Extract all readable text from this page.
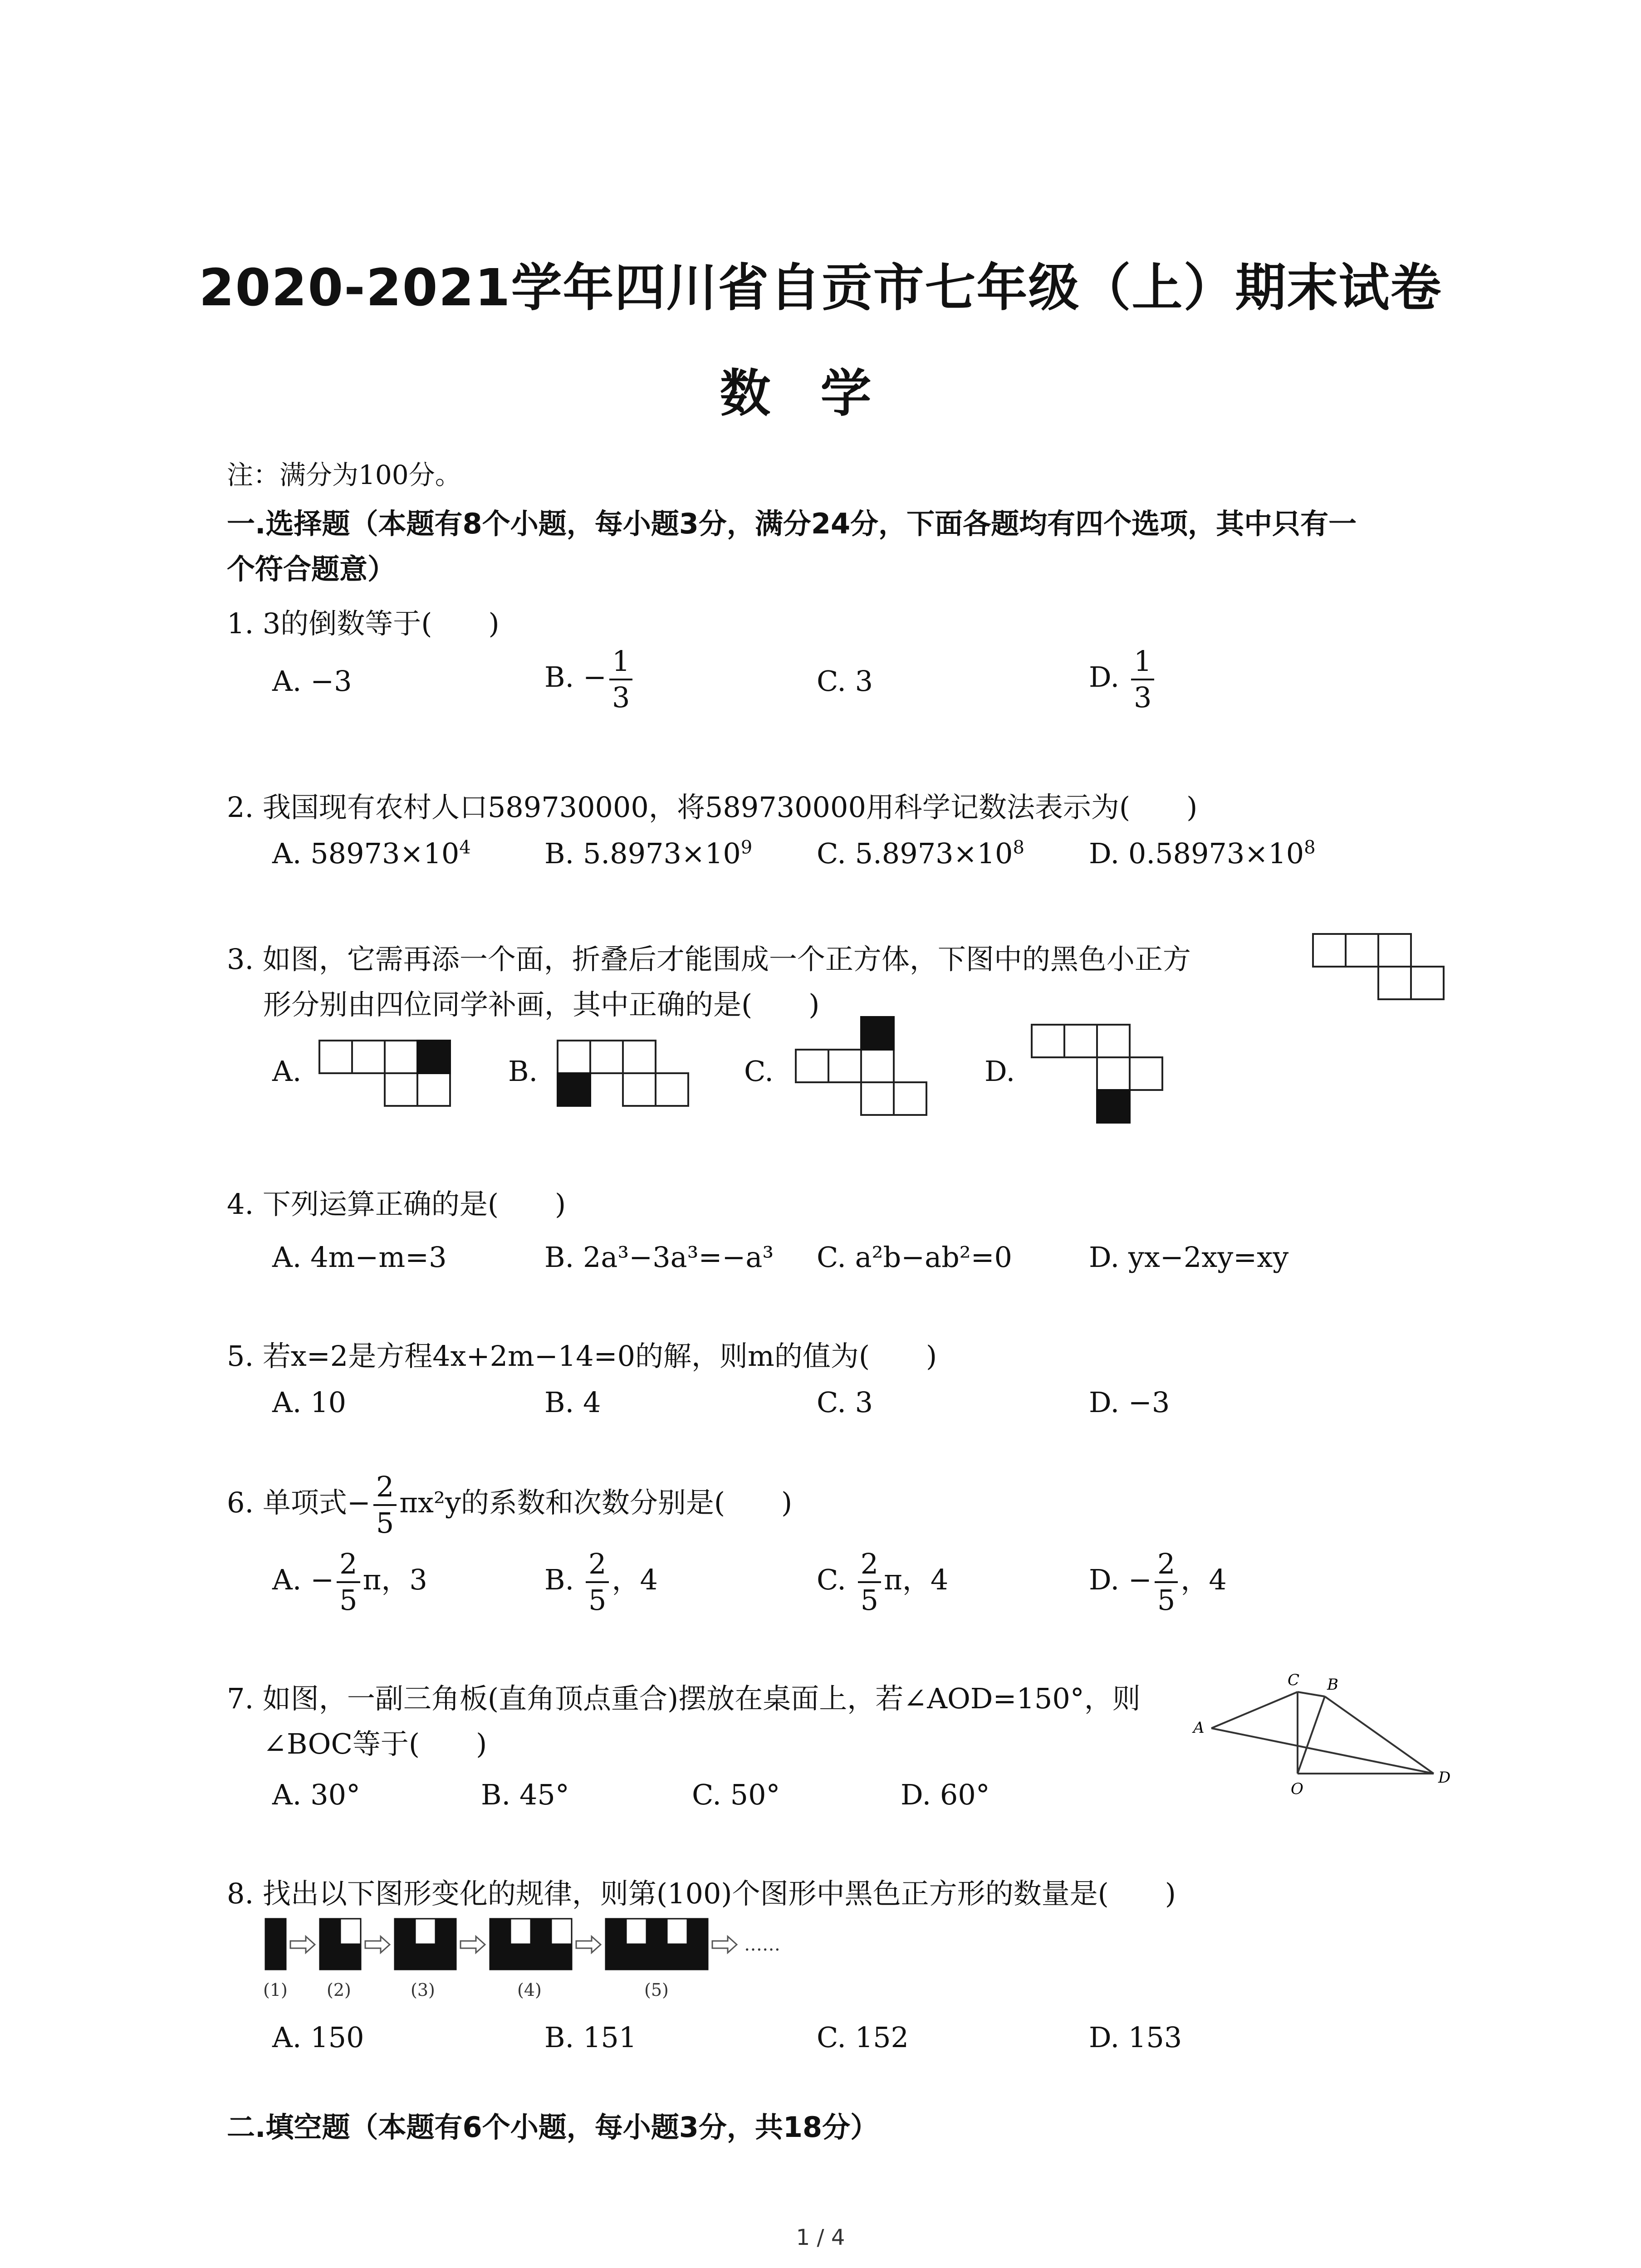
2020-2021学年四川省自贡市七年级（上）期末试卷
数学
注：满分为100分。
一.选择题（本题有8个小题，每小题3分，满分24分，下面各题均有四个选项，其中只有一
个符合题意）
1. 3的倒数等于(　　)
A. −3	B. − $\frac{1}{3}$	C. 3	D. $\frac{1}{3}$
2. 我国现有农村人口589730000，将589730000用科学记数法表示为(　　)
A. $58973\times 10^4$	B. $5.8973\times 10^9$ C. $5.8973\times 10^8$ D. $0.58973\times 10^8$
3. 如图，它需再添一个面，折叠后才能围成一个正方体，下图中的黑色小正方
形分别由四位同学补画，其中正确的是(　　)
A.	B.	C.	D.
4. 下列运算正确的是(　　)
A. 4m−m=3	B. 2a³−3a³=−a³ C. a²b−ab²=0	D. yx−2xy=xy
5. 若x=2是方程4x+2m−14=0的解，则m的值为(　　)
A. 10	B. 4	C. 3	D. −3
6. 单项式− $\frac{2}{5} \pi x^2y$的系数和次数分别是(　　)
A. − $\frac{2}{5}$ π，3	B. $\frac{2}{5}$ ，4	C. $\frac{2}{5}$ π，4	D. − $\frac{2}{5}$ ，4
7. 如图，一副三角板(直角顶点重合)摆放在桌面上，若∠AOD=150°，则
∠BOC等于(　　)
A. 30°	B. 45°	C. 50°	D. 60°
A
B
C
D
O
8. 找出以下图形变化的规律，则第(100)个图形中黑色正方形的数量是(　　)
……
(1) (2)	(3)	(4)	(5)
A. 150	B. 151	C. 152	D. 153
二.填空题（本题有6个小题，每小题3分，共18分）
1 / 4
